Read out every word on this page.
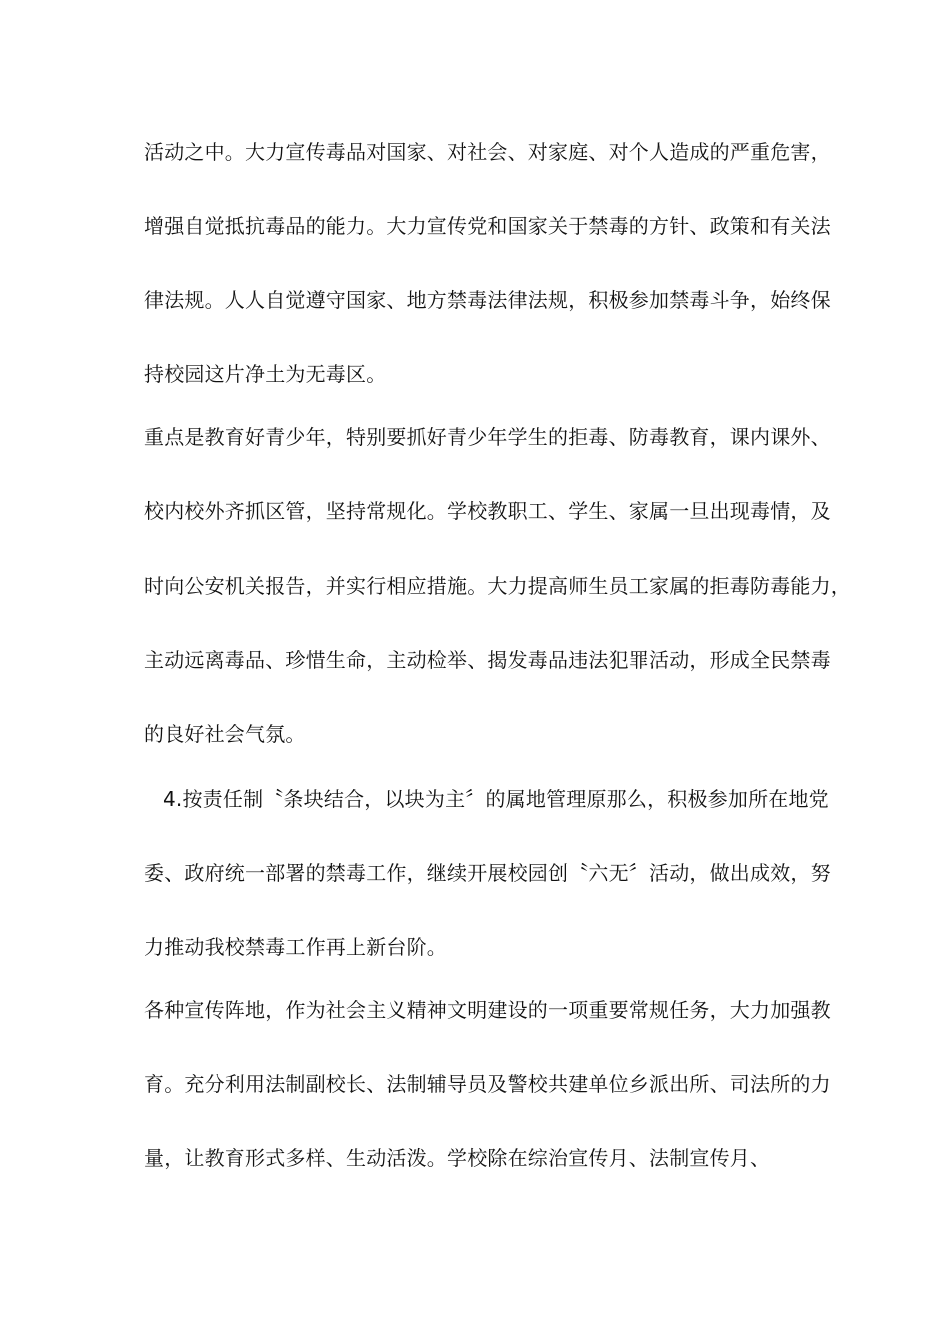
活动之中。大力宣传毒品对国家、对社会、对家庭、对个人造成的严重危害，
增强自觉抵抗毒品的能力。大力宣传党和国家关于禁毒的方针、政策和有关法
律法规。人人自觉遵守国家、地方禁毒法律法规，积极参加禁毒斗争，始终保
持校园这片净土为无毒区。
重点是教育好青少年，特别要抓好青少年学生的拒毒、防毒教育，课内课外、
校内校外齐抓区管，坚持常规化。学校教职工、学生、家属一旦出现毒情，及
时向公安机关报告，并实行相应措施。大力提高师生员工家属的拒毒防毒能力，
主动远离毒品、珍惜生命，主动检举、揭发毒品违法犯罪活动，形成全民禁毒
的良好社会气氛。
4.按责任制〝条块结合，以块为主〞的属地管理原那么，积极参加所在地党
委、政府统一部署的禁毒工作，继续开展校园创〝六无〞活动，做出成效，努
力推动我校禁毒工作再上新台阶。
各种宣传阵地，作为社会主义精神文明建设的一项重要常规任务，大力加强教
育。充分利用法制副校长、法制辅导员及警校共建单位乡派出所、司法所的力
量，让教育形式多样、生动活泼。学校除在综治宣传月、法制宣传月、
